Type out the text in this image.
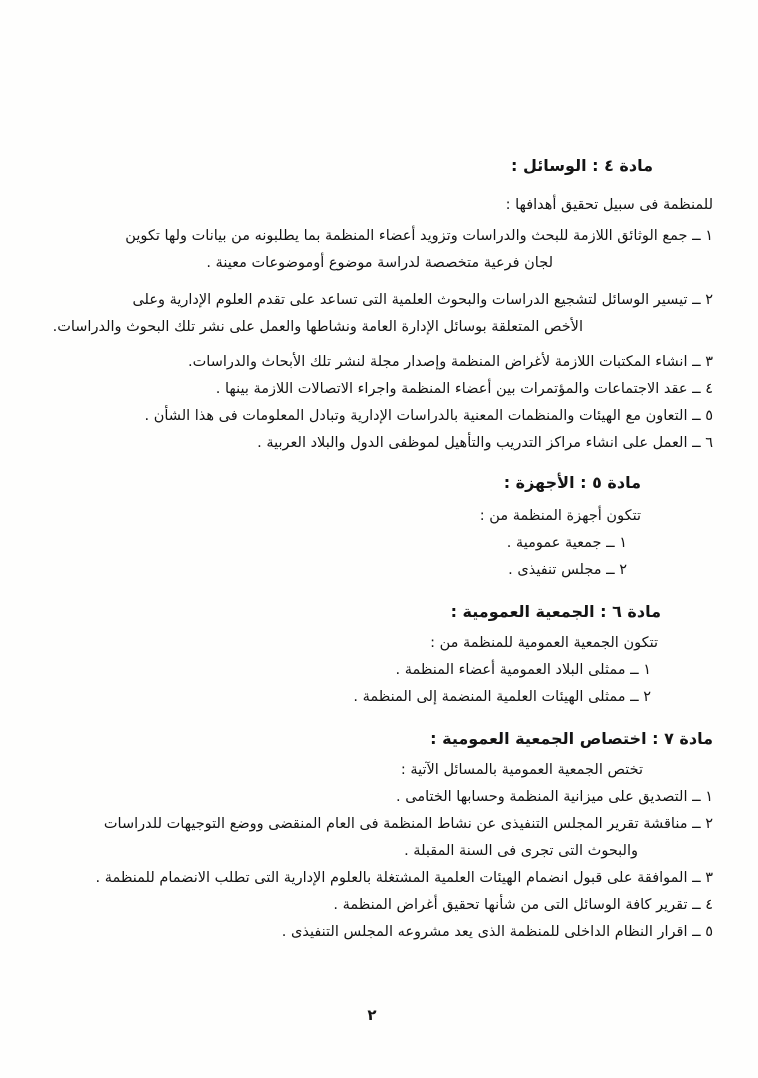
مادة ٤ : الوسائل :

للمنظمة فى سبيل تحقيق أهدافها :

١ ــ جمع الوثائق اللازمة للبحث والدراسات وتزويد أعضاء المنظمة بما يطلبونه من بيانات ولها تكوين

لجان فرعية متخصصة لدراسة موضوع أوموضوعات معينة .

٢ ــ تيسير الوسائل لتشجيع الدراسات والبحوث العلمية التى تساعد على تقدم العلوم الإدارية وعلى

الأخص المتعلقة بوسائل الإدارة العامة ونشاطها والعمل على نشر تلك البحوث والدراسات.

٣ ــ انشاء المكتبات اللازمة لأغراض المنظمة وإصدار مجلة لنشر تلك الأبحاث والدراسات.

٤ ــ عقد الاجتماعات والمؤتمرات بين أعضاء المنظمة واجراء الاتصالات اللازمة بينها .

٥ ــ التعاون مع الهيئات والمنظمات المعنية بالدراسات الإدارية وتبادل المعلومات فى هذا الشأن .

٦ ــ العمل على انشاء مراكز التدريب والتأهيل لموظفى الدول والبلاد العربية .

مادة ٥ : الأجهزة :

تتكون أجهزة المنظمة من :

١ ــ جمعية عمومية .

٢ ــ مجلس تنفيذى .

مادة ٦ : الجمعية العمومية :

تتكون الجمعية العمومية للمنظمة من :

١ ــ ممثلى البلاد العمومية أعضاء المنظمة .

٢ ــ ممثلى الهيئات العلمية المنضمة إلى المنظمة .

مادة ٧ : اختصاص الجمعية العمومية :

تختص الجمعية العمومية بالمسائل الآتية :

١ ــ التصديق على ميزانية المنظمة وحسابها الختامى .

٢ ــ مناقشة تقرير المجلس التنفيذى عن نشاط المنظمة فى العام المنقضى ووضع التوجيهات للدراسات

والبحوث التى تجرى فى السنة المقبلة .

٣ ــ الموافقة على قبول انضمام الهيئات العلمية المشتغلة بالعلوم الإدارية التى تطلب الانضمام للمنظمة .

٤ ــ تقرير كافة الوسائل التى من شأنها تحقيق أغراض المنظمة .

٥ ــ اقرار النظام الداخلى للمنظمة الذى يعد مشروعه المجلس التنفيذى .

٢
